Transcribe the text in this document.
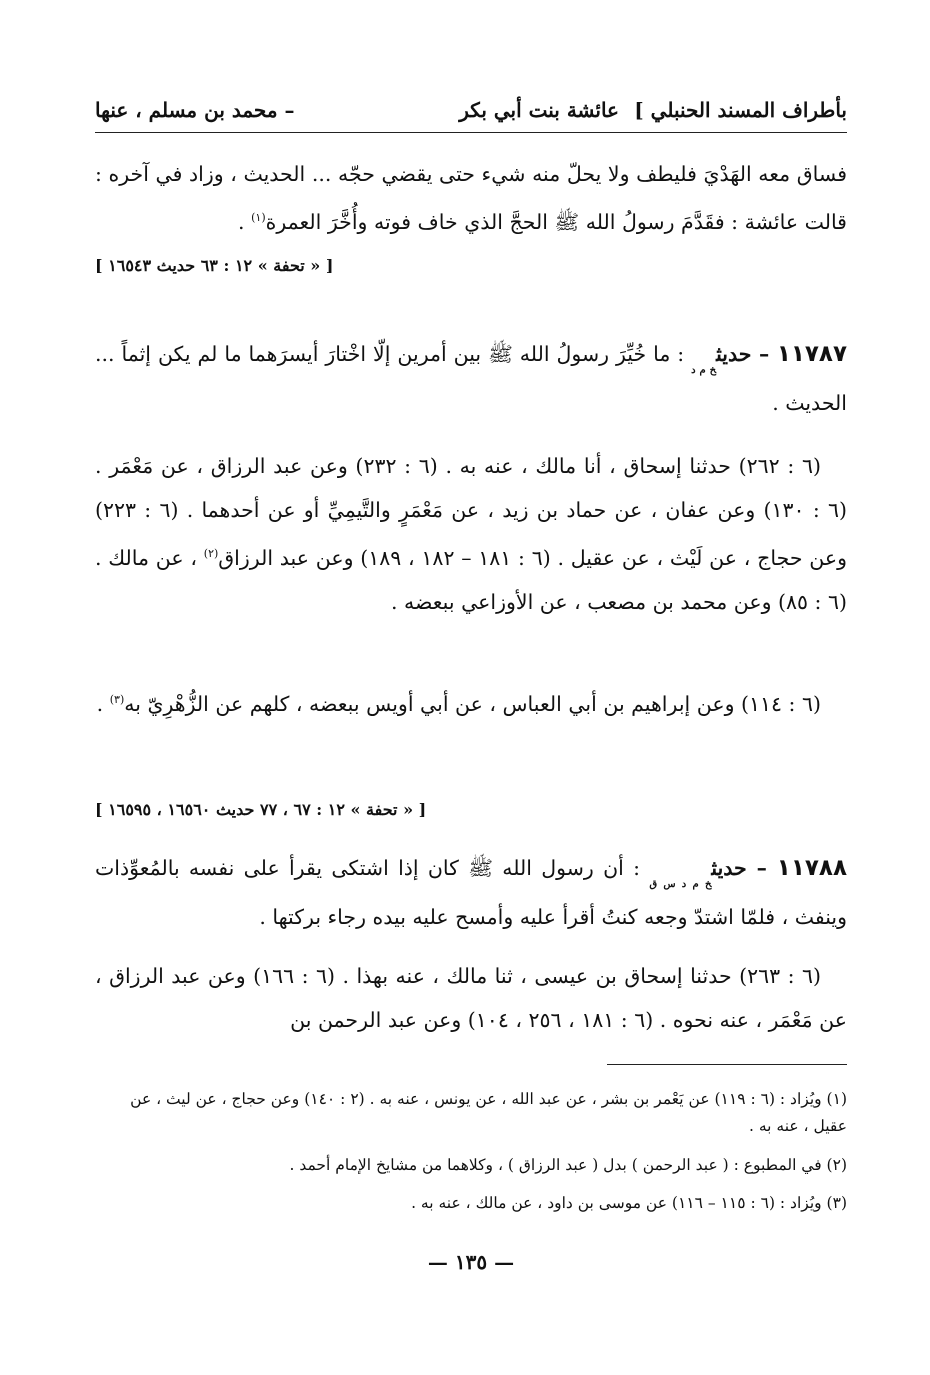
بأطراف المسند الحنبلي ]
عائشة بنت أبي بكر
– محمد بن مسلم ، عنها
فساق معه الهَدْيَ فليطف ولا يحلّ منه شيء حتى يقضي حجّه ... الحديث ، وزاد في آخره : قالت عائشة : فقَدَّمَ رسولُ الله ﷺ الحجَّ الذي خاف فوته وأُخَّرَ العمرة$^{(١)}$ .
[ « تحفة » ١٢ : ٦٣ حديث ١٦٥٤٣ ]
١١٧٨٧ – حديث$_{خ م د}$ : ما خُيِّرَ رسولُ الله ﷺ بين أمرين إلّا اخْتارَ أيسرَهما ما لم يكن إثماً ... الحديث .
(٦ : ٢٦٢) حدثنا إسحاق ، أنا مالك ، عنه به . (٦ : ٢٣٢) وعن عبد الرزاق ، عن مَعْمَر . (٦ : ١٣٠) وعن عفان ، عن حماد بن زيد ، عن مَعْمَرٍ والتَّيمِيِّ أو عن أحدهما . (٦ : ٢٢٣) وعن حجاج ، عن لَيْث ، عن عقيل . (٦ : ١٨١ – ١٨٢ ، ١٨٩) وعن عبد الرزاق$^{(٢)}$ ، عن مالك . (٦ : ٨٥) وعن محمد بن مصعب ، عن الأوزاعي ببعضه .
(٦ : ١١٤) وعن إبراهيم بن أبي العباس ، عن أبي أويس ببعضه ، كلهم عن الزُّهْرِيّ به$^{(٣)}$ .
[ « تحفة » ١٢ : ٦٧ ، ٧٧ حديث ١٦٥٦٠ ، ١٦٥٩٥ ]
١١٧٨٨ – حديث$_{خ م د س ق}$ : أن رسول الله ﷺ كان إذا اشتكى يقرأ على نفسه بالمُعوِّذات وينفث ، فلمّا اشتدّ وجعه كنتُ أقرأ عليه وأمسح عليه بيده رجاء بركتها .
(٦ : ٢٦٣) حدثنا إسحاق بن عيسى ، ثنا مالك ، عنه بهذا . (٦ : ١٦٦) وعن عبد الرزاق ، عن مَعْمَر ، عنه نحوه . (٦ : ١٨١ ، ٢٥٦ ، ١٠٤) وعن عبد الرحمن بن
(١) ويُزاد : (٦ : ١١٩) عن يَعْمر بن بشر ، عن عبد الله ، عن يونس ، عنه به . (٢ : ١٤٠) وعن حجاج ، عن ليث ، عن عقيل ، عنه به .
(٢) في المطبوع : ( عبد الرحمن ) بدل ( عبد الرزاق ) ، وكلاهما من مشايخ الإمام أحمد .
(٣) ويُزاد : (٦ : ١١٥ – ١١٦) عن موسى بن داود ، عن مالك ، عنه به .
— ١٣٥ —
